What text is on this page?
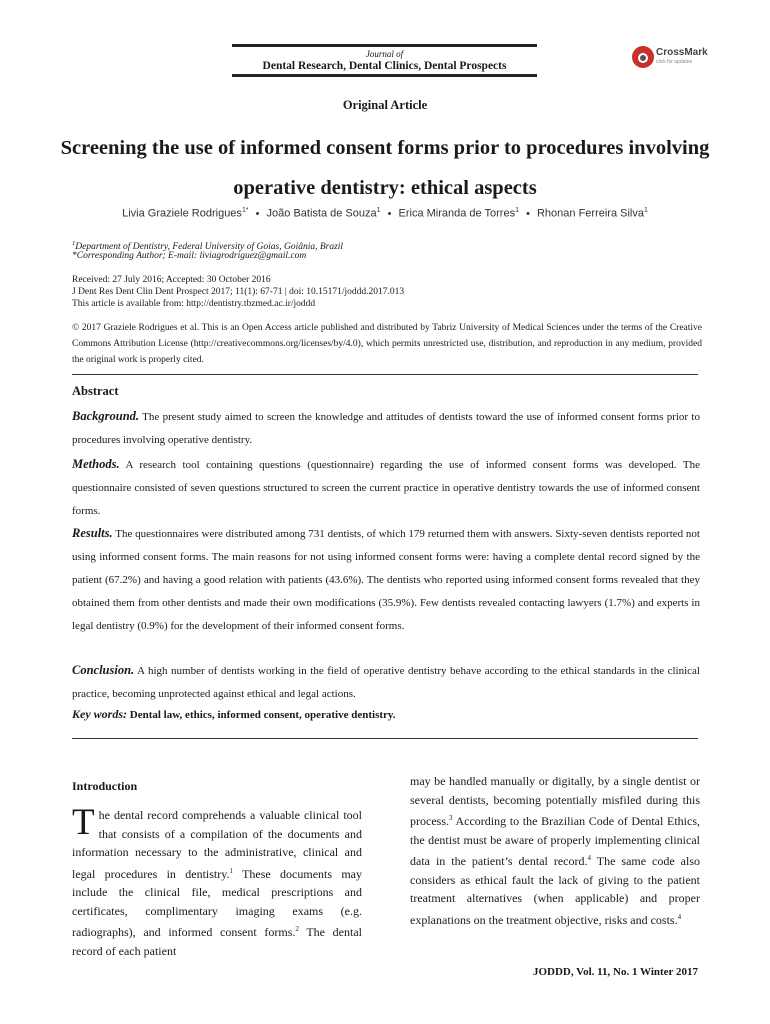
Journal of
Dental Research, Dental Clinics, Dental Prospects
CrossMark
click for updates
Original Article
Screening the use of informed consent forms prior to procedures involving operative dentistry: ethical aspects
Livia Graziele Rodrigues$^{1*}$ • João Batista de Souza$^1$ • Erica Miranda de Torres$^1$ • Rhonan Ferreira Silva$^1$
$^1$Department of Dentistry, Federal University of Goias, Goiânia, Brazil
*Corresponding Author; E-mail: liviagrodriguez@gmail.com
Received: 27 July 2016; Accepted: 30 October 2016
J Dent Res Dent Clin Dent Prospect 2017; 11(1): 67-71 | doi: 10.15171/joddd.2017.013
This article is available from: http://dentistry.tbzmed.ac.ir/joddd
© 2017 Graziele Rodrigues et al. This is an Open Access article published and distributed by Tabriz University of Medical Sciences under the terms of the Creative Commons Attribution License (http://creativecommons.org/licenses/by/4.0), which permits unrestricted use, distribution, and reproduction in any medium, provided the original work is properly cited.
Abstract

Background. The present study aimed to screen the knowledge and attitudes of dentists toward the use of informed consent forms prior to procedures involving operative dentistry.

Methods. A research tool containing questions (questionnaire) regarding the use of informed consent forms was developed. The questionnaire consisted of seven questions structured to screen the current practice in operative dentistry towards the use of informed consent forms.

Results. The questionnaires were distributed among 731 dentists, of which 179 returned them with answers. Sixty-seven dentists reported not using informed consent forms. The main reasons for not using informed consent forms were: having a complete dental record signed by the patient (67.2%) and having a good relation with patients (43.6%). The dentists who reported using informed consent forms revealed that they obtained them from other dentists and made their own modifications (35.9%). Few dentists revealed contacting lawyers (1.7%) and experts in legal dentistry (0.9%) for the development of their informed consent forms.

Conclusion. A high number of dentists working in the field of operative dentistry behave according to the ethical standards in the clinical practice, becoming unprotected against ethical and legal actions.

Key words: Dental law, ethics, informed consent, operative dentistry.
Introduction

The dental record comprehends a valuable clinical tool that consists of a compilation of the documents and information necessary to the administrative, clinical and legal procedures in dentistry.$^1$ These documents may include the clinical file, medical prescriptions and certificates, complimentary imaging exams (e.g. radiographs), and informed consent forms.$^2$ The dental record of each patient

may be handled manually or digitally, by a single dentist or several dentists, becoming potentially misfiled during this process.$^3$ According to the Brazilian Code of Dental Ethics, the dentist must be aware of properly implementing clinical data in the patient’s dental record.$^4$ The same code also considers as ethical fault the lack of giving to the patient treatment alternatives (when applicable) and proper explanations on the treatment objective, risks and costs.$^4$

JODDD, Vol. 11, No. 1 Winter 2017
